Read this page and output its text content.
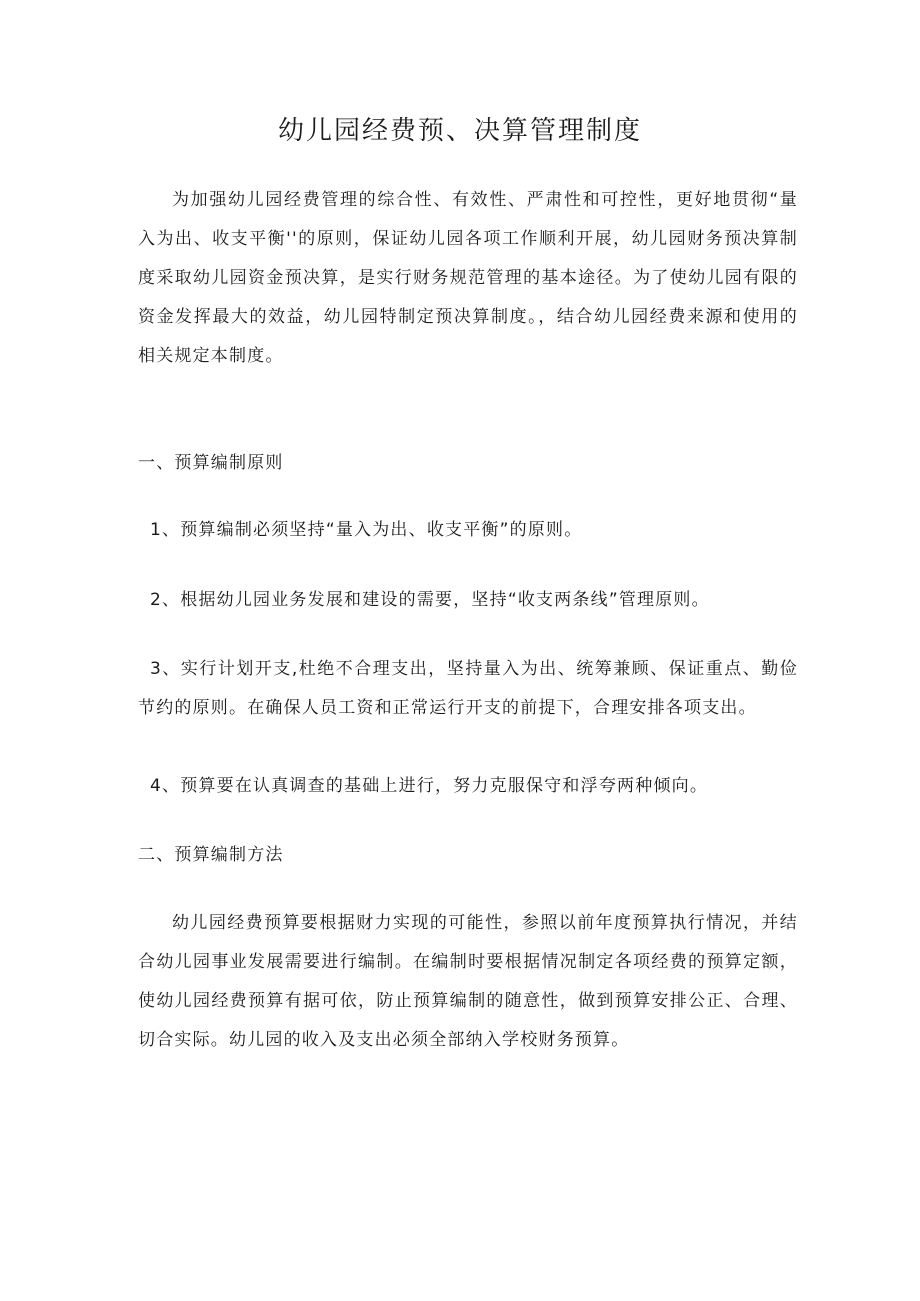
幼儿园经费预、决算管理制度

为加强幼儿园经费管理的综合性、有效性、严肃性和可控性，更好地贯彻“量入为出、收支平衡''的原则，保证幼儿园各项工作顺利开展，幼儿园财务预决算制度采取幼儿园资金预决算，是实行财务规范管理的基本途径。为了使幼儿园有限的资金发挥最大的效益，幼儿园特制定预决算制度。，结合幼儿园经费来源和使用的相关规定本制度。

一、预算编制原则

1、预算编制必须坚持“量入为出、收支平衡”的原则。

2、根据幼儿园业务发展和建设的需要，坚持“收支两条线”管理原则。

3、实行计划开支,杜绝不合理支出，坚持量入为出、统筹兼顾、保证重点、勤俭节约的原则。在确保人员工资和正常运行开支的前提下，合理安排各项支出。

4、预算要在认真调查的基础上进行，努力克服保守和浮夸两种倾向。

二、预算编制方法

幼儿园经费预算要根据财力实现的可能性，参照以前年度预算执行情况，并结合幼儿园事业发展需要进行编制。在编制时要根据情况制定各项经费的预算定额，使幼儿园经费预算有据可依，防止预算编制的随意性，做到预算安排公正、合理、切合实际。幼儿园的收入及支出必须全部纳入学校财务预算。
